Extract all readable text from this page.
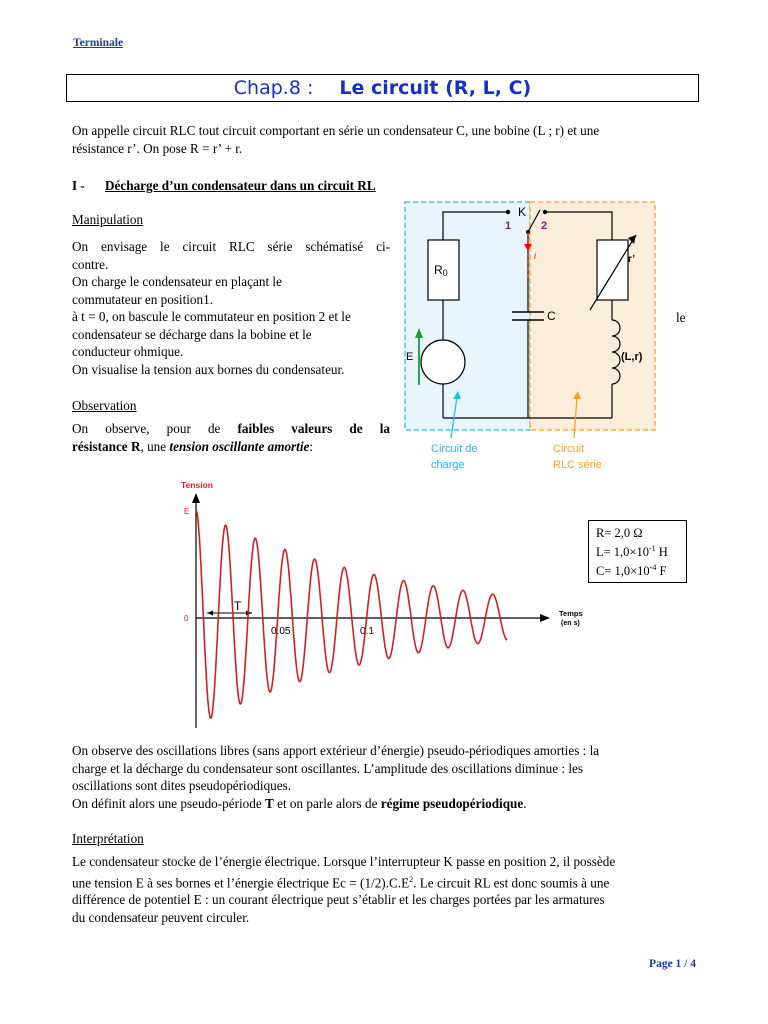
Terminale
Chap.8 : Le circuit (R, L, C)
On appelle circuit RLC tout circuit comportant en série un condensateur C, une bobine (L ; r) et une
résistance r’. On pose R = r’ + r.
I - Décharge d’un condensateur dans un circuit RL
Manipulation
On envisage le circuit RLC série schématisé ci-
contre.
On charge le condensateur en plaçant le
commutateur en position1.
à t = 0, on bascule le commutateur en position 2 et le
condensateur se décharge dans la bobine et le
conducteur ohmique.
On visualise la tension aux bornes du condensateur.
le
Observation
On observe, pour de faibles valeurs de la
résistance R, une tension oscillante amortie:
K
1	2
i
R0
C
E
r’
(L,r)
Circuit de
charge
Circuit
RLC série
Tension
E
0
Temps
(en s)
0.05	0.1
T
R= 2,0 Ω
$L= 1,0\times 10^{-1}$ H
$C= 1,0\times 10^{-4}$ F
On observe des oscillations libres (sans apport extérieur d’énergie) pseudo-périodiques amorties : la
charge et la décharge du condensateur sont oscillantes. L’amplitude des oscillations diminue : les
oscillations sont dites pseudopériodiques.
On définit alors une pseudo-période T et on parle alors de régime pseudopériodique.
Interprétation
Le condensateur stocke de l’énergie électrique. Lorsque l’interrupteur K passe en position 2, il possède
une tension E à ses bornes et l’énergie électrique $Ec = (1/2).C.E^2$. Le circuit RL est donc soumis à une
différence de potentiel E : un courant électrique peut s’établir et les charges portées par les armatures
du condensateur peuvent circuler.
Page 1 / 4
